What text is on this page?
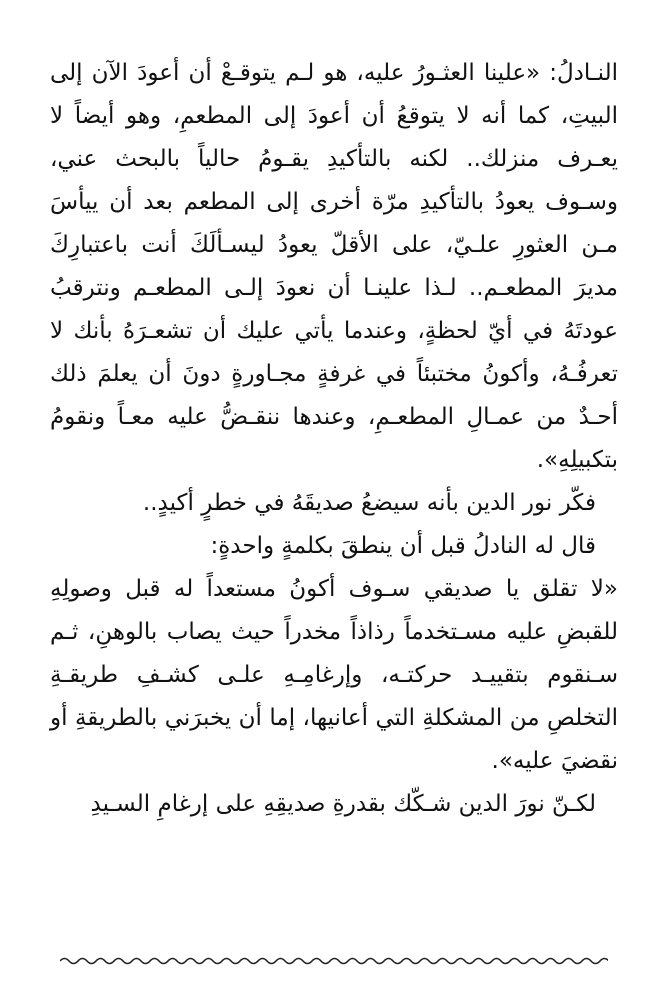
النـادلُ: «علينا العثـورُ عليه، هو لـم يتوقـعْ أن أعودَ الآن إلى البيتِ، كما أنه لا يتوقعُ أن أعودَ إلى المطعمِ، وهو أيضاً لا يعـرف منزلك.. لكنه بالتأكيدِ يقـومُ حالياً بالبحث عني، وسـوف يعودُ بالتأكيدِ مرّة أخرى إلى المطعم بعد أن ييأسَ مـن العثورِ علـيّ، على الأقلّ يعودُ ليسـألَكَ أنت باعتبارِكَ مديرَ المطعـم.. لـذا علينـا أن نعودَ إلـى المطعـم ونترقبُ عودتَهُ في أيّ لحظةٍ، وعندما يأتي عليك أن تشعـرَهُ بأنك لا تعرفُـهُ، وأكونُ مختبئاً في غرفةٍ مجـاورةٍ دونَ أن يعلمَ ذلك أحـدٌ من عمـالِ المطعـمِ، وعندها ننقـضُّ عليه معـاً ونقومُ بتكبيلِهِ».

فكّر نور الدين بأنه سيضعُ صديقَهُ في خطرٍ أكيدٍ..

قال له النادلُ قبل أن ينطقَ بكلمةٍ واحدةٍ:

«لا تقلق يا صديقي سـوف أكونُ مستعداً له قبل وصولِهِ للقبضِ عليه مسـتخدماً رذاذاً مخدراً حيث يصاب بالوهنِ، ثـم سـنقوم بتقييـد حركتـه، وإرغامِـهِ علـى كشـفِ طريقـةِ التخلصِ من المشكلةِ التي أعانيها، إما أن يخبرَني بالطريقةِ أو نقضيَ عليه».

لكـنّ نورَ الدين شـكّك بقدرةِ صديقِهِ على إرغامِ السـيدِ
